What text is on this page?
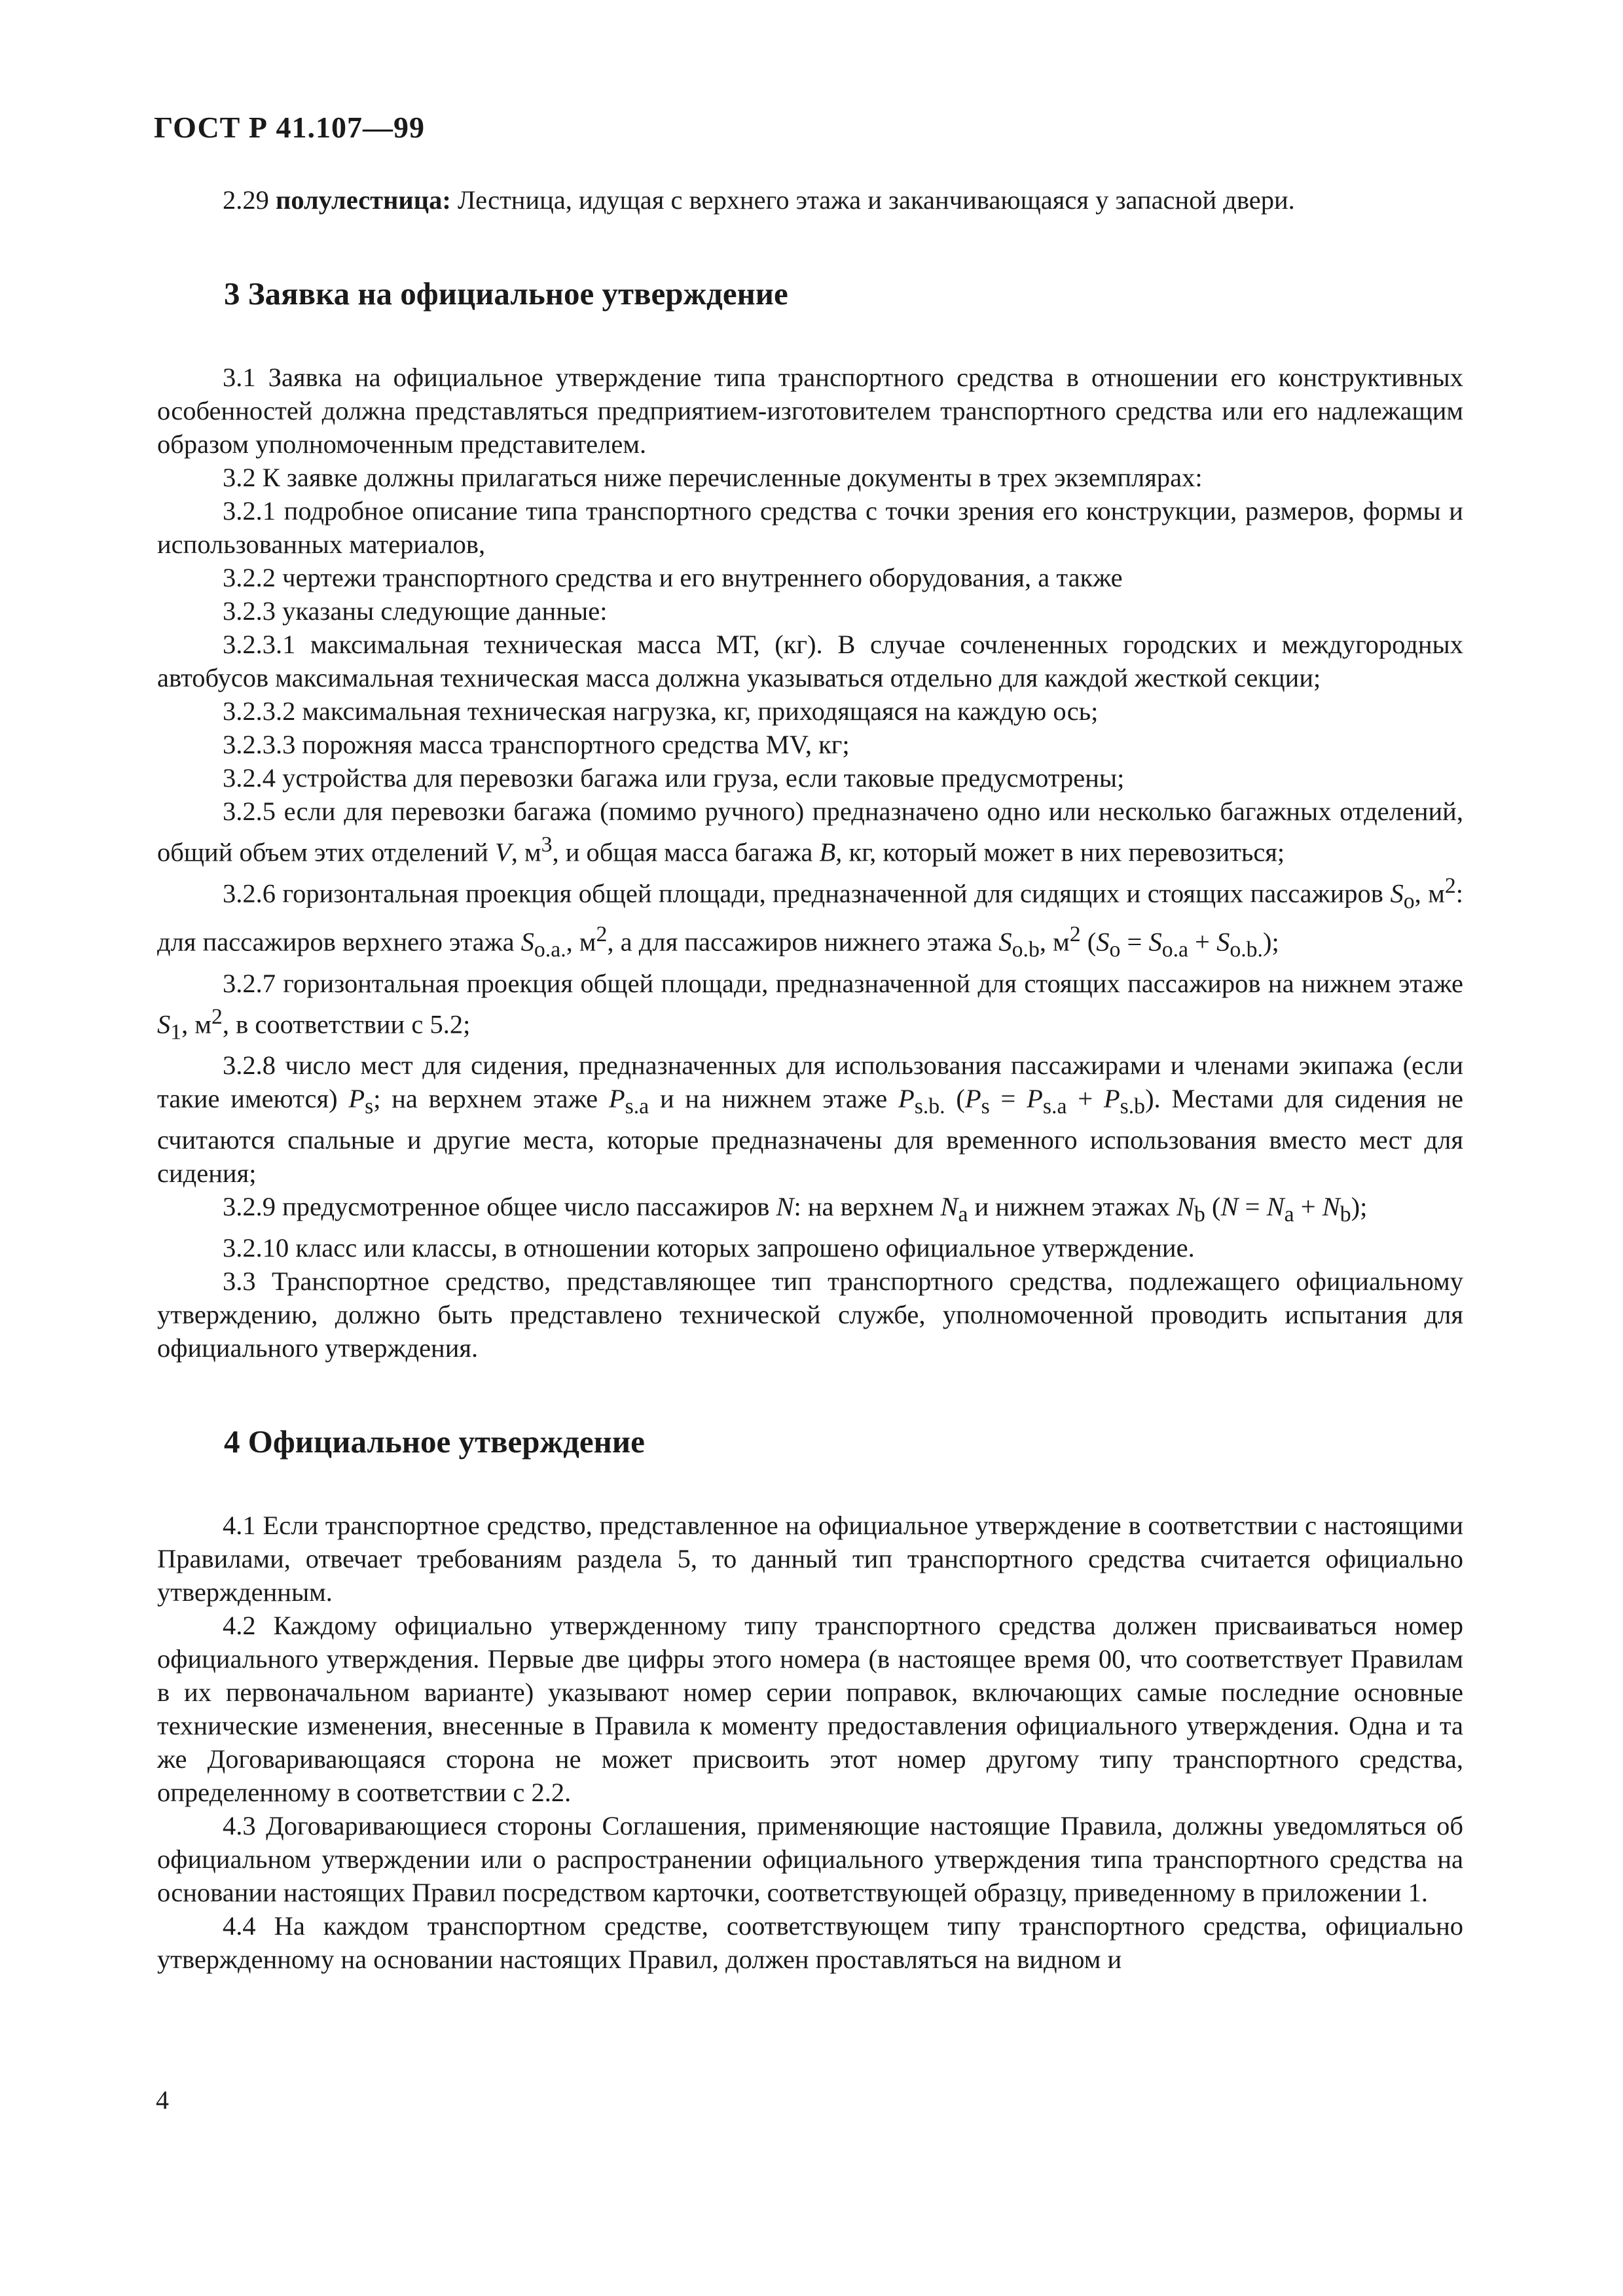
ГОСТ Р 41.107—99

2.29 полулестница: Лестница, идущая с верхнего этажа и заканчивающаяся у запасной двери.

3 Заявка на официальное утверждение

3.1 Заявка на официальное утверждение типа транспортного средства в отношении его конструктивных особенностей должна представляться предприятием-изготовителем транспортного средства или его надлежащим образом уполномоченным представителем.

3.2 К заявке должны прилагаться ниже перечисленные документы в трех экземплярах:

3.2.1 подробное описание типа транспортного средства с точки зрения его конструкции, размеров, формы и использованных материалов,

3.2.2 чертежи транспортного средства и его внутреннего оборудования, а также

3.2.3 указаны следующие данные:

3.2.3.1 максимальная техническая масса МТ, (кг). В случае сочлененных городских и междугородных автобусов максимальная техническая масса должна указываться отдельно для каждой жесткой секции;

3.2.3.2 максимальная техническая нагрузка, кг, приходящаяся на каждую ось;

3.2.3.3 порожняя масса транспортного средства MV, кг;

3.2.4 устройства для перевозки багажа или груза, если таковые предусмотрены;

3.2.5 если для перевозки багажа (помимо ручного) предназначено одно или несколько багажных отделений, общий объем этих отделений V, $м^3$, и общая масса багажа B, кг, который может в них перевозиться;

3.2.6 горизонтальная проекция общей площади, предназначенной для сидящих и стоящих пассажиров $S_o$, $м^2$: для пассажиров верхнего этажа $S_{o.a.}$, $м^2$, а для пассажиров нижнего этажа $S_{o.b}$, $м^2$ $(S_o = S_{o.a} + S_{o.b.})$;

3.2.7 горизонтальная проекция общей площади, предназначенной для стоящих пассажиров на нижнем этаже $S_1$, $м^2$, в соответствии с 5.2;

3.2.8 число мест для сидения, предназначенных для использования пассажирами и членами экипажа (если такие имеются) $P_s$; на верхнем этаже $P_{s.a}$ и на нижнем этаже $P_{s.b.}$ $(P_s = P_{s.a} + P_{s.b})$. Местами для сидения не считаются спальные и другие места, которые предназначены для временного использования вместо мест для сидения;

3.2.9 предусмотренное общее число пассажиров N: на верхнем $N_a$ и нижнем этажах $N_b$ $(N = N_a + N_b)$;

3.2.10 класс или классы, в отношении которых запрошено официальное утверждение.

3.3 Транспортное средство, представляющее тип транспортного средства, подлежащего официальному утверждению, должно быть представлено технической службе, уполномоченной проводить испытания для официального утверждения.

4 Официальное утверждение

4.1 Если транспортное средство, представленное на официальное утверждение в соответствии с настоящими Правилами, отвечает требованиям раздела 5, то данный тип транспортного средства считается официально утвержденным.

4.2 Каждому официально утвержденному типу транспортного средства должен присваиваться номер официального утверждения. Первые две цифры этого номера (в настоящее время 00, что соответствует Правилам в их первоначальном варианте) указывают номер серии поправок, включающих самые последние основные технические изменения, внесенные в Правила к моменту предоставления официального утверждения. Одна и та же Договаривающаяся сторона не может присвоить этот номер другому типу транспортного средства, определенному в соответствии с 2.2.

4.3 Договаривающиеся стороны Соглашения, применяющие настоящие Правила, должны уведомляться об официальном утверждении или о распространении официального утверждения типа транспортного средства на основании настоящих Правил посредством карточки, соответствующей образцу, приведенному в приложении 1.

4.4 На каждом транспортном средстве, соответствующем типу транспортного средства, официально утвержденному на основании настоящих Правил, должен проставляться на видном и

4
